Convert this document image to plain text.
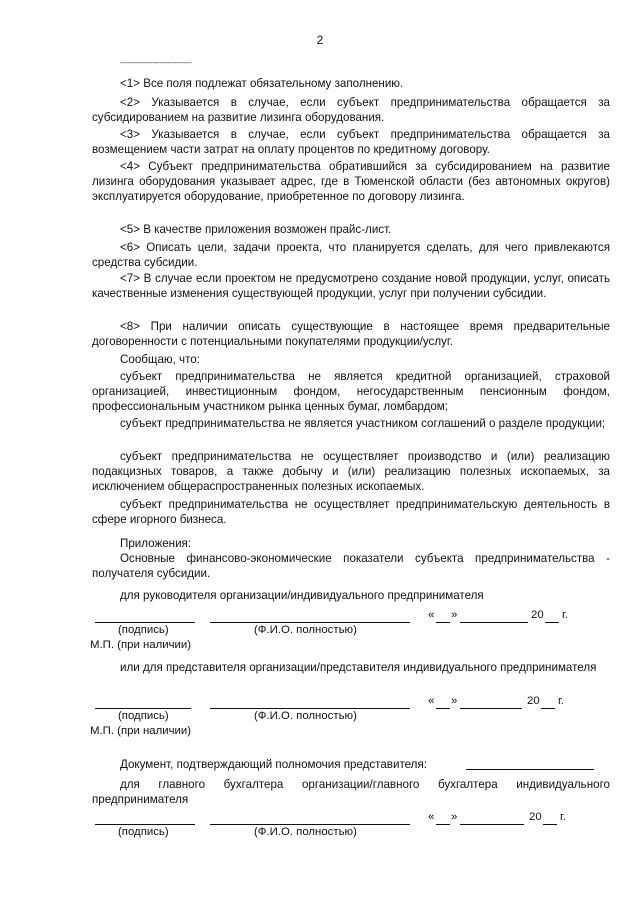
2
---------------------------------
<1> Все поля подлежат обязательному заполнению.
<2> Указывается в случае, если субъект предпринимательства обращается за субсидированием на развитие лизинга оборудования.
<3> Указывается в случае, если субъект предпринимательства обращается за возмещением части затрат на оплату процентов по кредитному договору.
<4> Субъект предпринимательства обратившийся за субсидированием на развитие лизинга оборудования указывает адрес, где в Тюменской области (без автономных округов) эксплуатируется оборудование, приобретенное по договору лизинга.
<5> В качестве приложения возможен прайс-лист.
<6> Описать цели, задачи проекта, что планируется сделать, для чего привлекаются средства субсидии.
<7> В случае если проектом не предусмотрено создание новой продукции, услуг, описать качественные изменения существующей продукции, услуг при получении субсидии.
<8> При наличии описать существующие в настоящее время предварительные договоренности с потенциальными покупателями продукции/услуг.
Сообщаю, что:
субъект предпринимательства не является кредитной организацией, страховой организацией, инвестиционным фондом, негосударственным пенсионным фондом, профессиональным участником рынка ценных бумаг, ломбардом;
субъект предпринимательства не является участником соглашений о разделе продукции;
субъект предпринимательства не осуществляет производство и (или) реализацию подакцизных товаров, а также добычу и (или) реализацию полезных ископаемых, за исключением общераспространенных полезных ископаемых.
субъект предпринимательства не осуществляет предпринимательскую деятельность в сфере игорного бизнеса.
Приложения:
Основные финансово-экономические показатели субъекта предпринимательства - получателя субсидии.
для руководителя организации/индивидуального предпринимателя
« »	20 г.
(подпись)	(Ф.И.О. полностью)
М.П. (при наличии)
или для представителя организации/представителя индивидуального предпринимателя
« »	20 г.
(подпись)	(Ф.И.О. полностью)
М.П. (при наличии)
Документ, подтверждающий полномочия представителя:
для главного бухгалтера организации/главного бухгалтера индивидуального предпринимателя
« »	20 г.
(подпись)	(Ф.И.О. полностью)
